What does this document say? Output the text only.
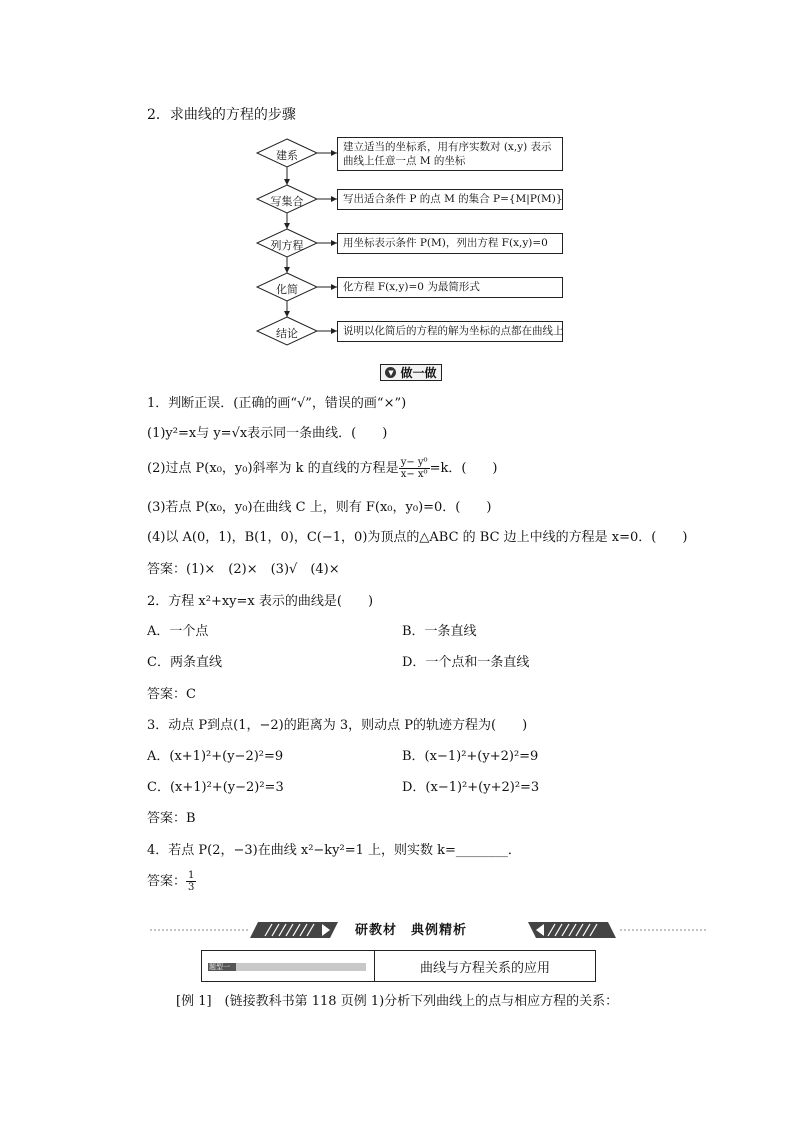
2．求曲线的方程的步骤
建系
写集合
列方程
化简
结论
建立适当的坐标系，用有序实数对 (x,y) 表示曲线上任意一点 M 的坐标
写出适合条件 P 的点 M 的集合 P={M|P(M)}
用坐标表示条件 P(M)，列出方程 F(x,y)=0
化方程 F(x,y)=0 为最简形式
说明以化简后的方程的解为坐标的点都在曲线上
▼ 做一做
1．判断正误．(正确的画“√”，错误的画“×”)
(1)y²=x与 y=√x表示同一条曲线．(　　)
(2)过点 P(x₀，y₀)斜率为 k 的直线的方程是 $\frac{\text{y− y⁰}}{\text{x− x⁰}} =k$．(　　)
(3)若点 P(x₀，y₀)在曲线 C 上，则有 F(x₀，y₀)=0．(　　)
(4)以 A(0，1)，B(1，0)，C(−1，0)为顶点的△ABC 的 BC 边上中线的方程是 x=0．(　　)
答案：(1)×　(2)×　(3)√　(4)×
2．方程 x²+xy=x 表示的曲线是(　　)
A．一个点	B．一条直线
C．两条直线	D．一个点和一条直线
答案：C
3．动点 P到点(1，−2)的距离为 3，则动点 P的轨迹方程为(　　)
A．(x+1)²+(y−2)²=9	B．(x−1)²+(y+2)²=9
C．(x+1)²+(y−2)²=3	D．(x−1)²+(y+2)²=3
答案：B
4．若点 P(2，−3)在曲线 x²−ky²=1 上，则实数 k=________．
答案： $\frac{1}{3}$
研教材　典例精析
题型一	曲线与方程关系的应用
[例 1]　(链接教科书第 118 页例 1)分析下列曲线上的点与相应方程的关系：
